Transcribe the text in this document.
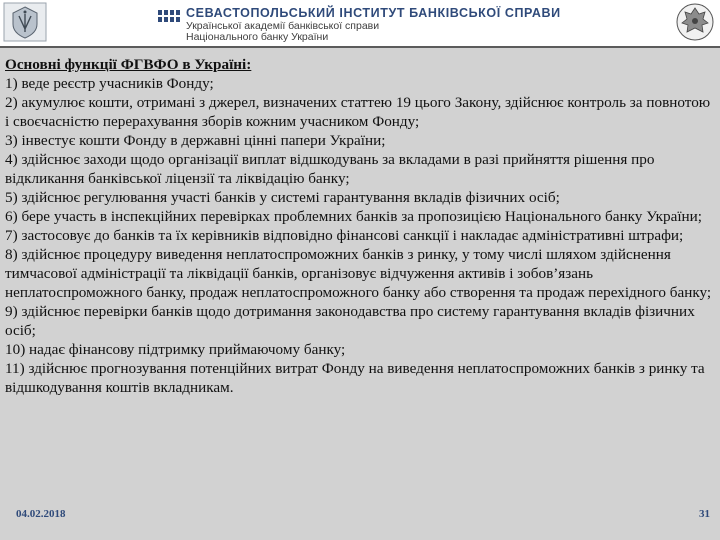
СЕВАСТОПОЛЬСЬКИЙ ІНСТИТУТ БАНКІВСЬКОЇ СПРАВИ
Української академії банківської справи
Національного банку України

Основні функції ФГВФО в Україні:

1) веде реєстр учасників Фонду;

2) акумулює кошти, отримані з джерел, визначених статтею 19 цього Закону, здійснює контроль за повнотою і своєчасністю перерахування зборів кожним учасником Фонду;

3) інвестує кошти Фонду в державні цінні папери України;

4) здійснює заходи щодо організації виплат відшкодувань за вкладами в разі прийняття рішення про відкликання банківської ліцензії та ліквідацію банку;

5) здійснює регулювання участі банків у системі гарантування вкладів фізичних осіб;

6) бере участь в інспекційних перевірках проблемних банків за пропозицією Національного банку України;

7) застосовує до банків та їх керівників відповідно фінансові санкції і накладає адміністративні штрафи;

8) здійснює процедуру виведення неплатоспроможних банків з ринку, у тому числі шляхом здійснення тимчасової адміністрації та ліквідації банків, організовує відчуження активів і зобов’язань неплатоспроможного банку, продаж неплатоспроможного банку або створення та продаж перехідного банку;

9) здійснює перевірки банків щодо дотримання законодавства про систему гарантування вкладів фізичних осіб;

10) надає фінансову підтримку приймаючому банку;

11) здійснює прогнозування потенційних витрат Фонду на виведення неплатоспроможних банків з ринку та відшкодування коштів вкладникам.

04.02.2018	31
